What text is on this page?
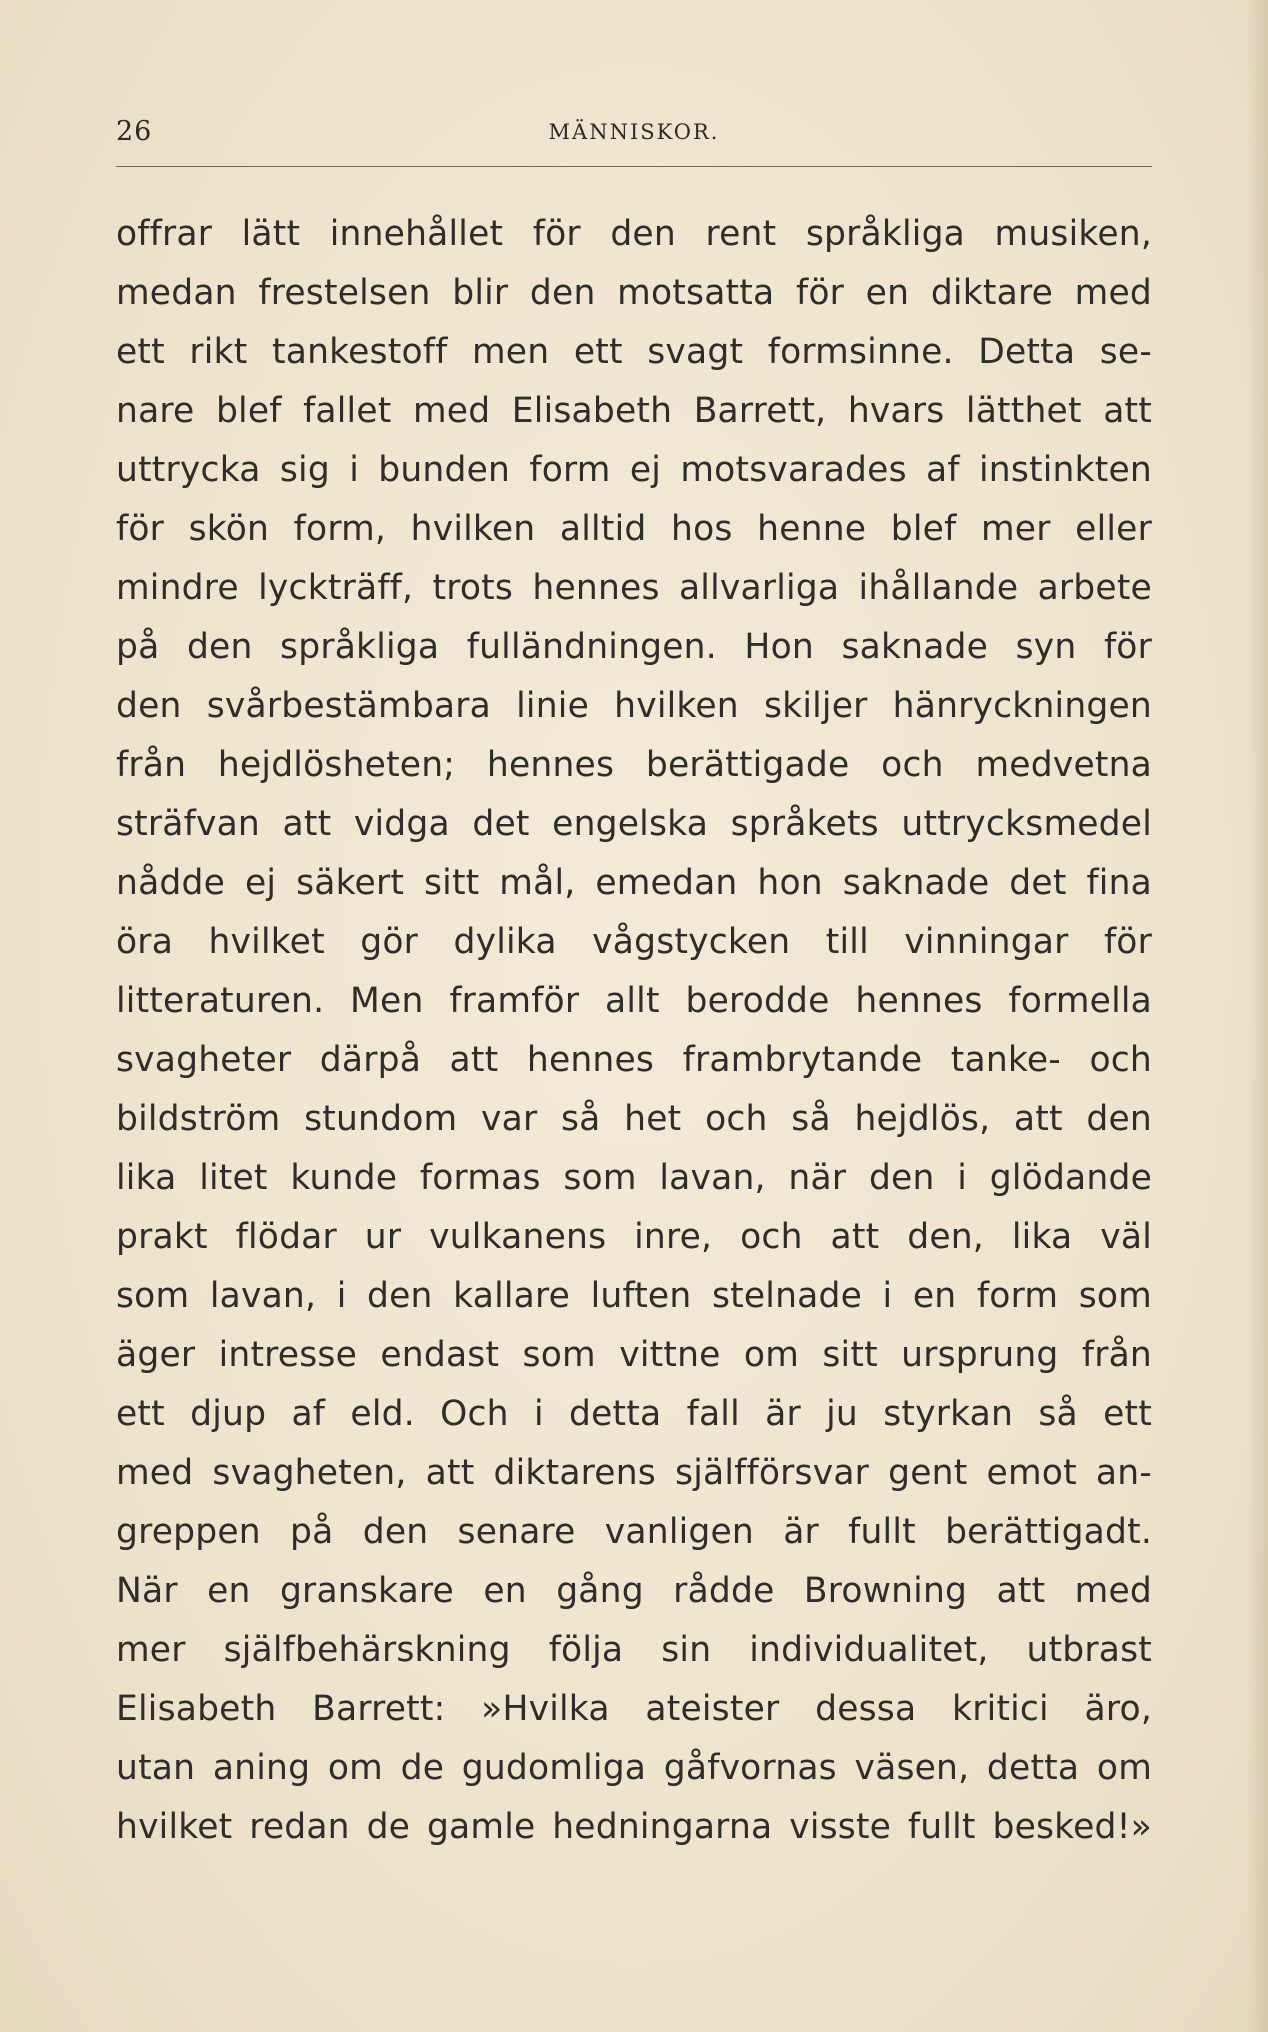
26	MÄNNISKOR.
offrar lätt innehållet för den rent språkliga musiken,
medan frestelsen blir den motsatta för en diktare med
ett rikt tankestoff men ett svagt formsinne. Detta se-
nare blef fallet med Elisabeth Barrett, hvars lätthet att
uttrycka sig i bunden form ej motsvarades af instinkten
för skön form, hvilken alltid hos henne blef mer eller
mindre lyckträff, trots hennes allvarliga ihållande arbete
på den språkliga fulländningen. Hon saknade syn för
den svårbestämbara linie hvilken skiljer hänryckningen
från hejdlösheten; hennes berättigade och medvetna
sträfvan att vidga det engelska språkets uttrycksmedel
nådde ej säkert sitt mål, emedan hon saknade det fina
öra hvilket gör dylika vågstycken till vinningar för
litteraturen. Men framför allt berodde hennes formella
svagheter därpå att hennes frambrytande tanke- och
bildström stundom var så het och så hejdlös, att den
lika litet kunde formas som lavan, när den i glödande
prakt flödar ur vulkanens inre, och att den, lika väl
som lavan, i den kallare luften stelnade i en form som
äger intresse endast som vittne om sitt ursprung från
ett djup af eld. Och i detta fall är ju styrkan så ett
med svagheten, att diktarens själfförsvar gent emot an-
greppen på den senare vanligen är fullt berättigadt.
När en granskare en gång rådde Browning att med
mer själfbehärskning följa sin individualitet, utbrast
Elisabeth Barrett: »Hvilka ateister dessa kritici äro,
utan aning om de gudomliga gåfvornas väsen, detta om
hvilket redan de gamle hedningarna visste fullt besked!»
